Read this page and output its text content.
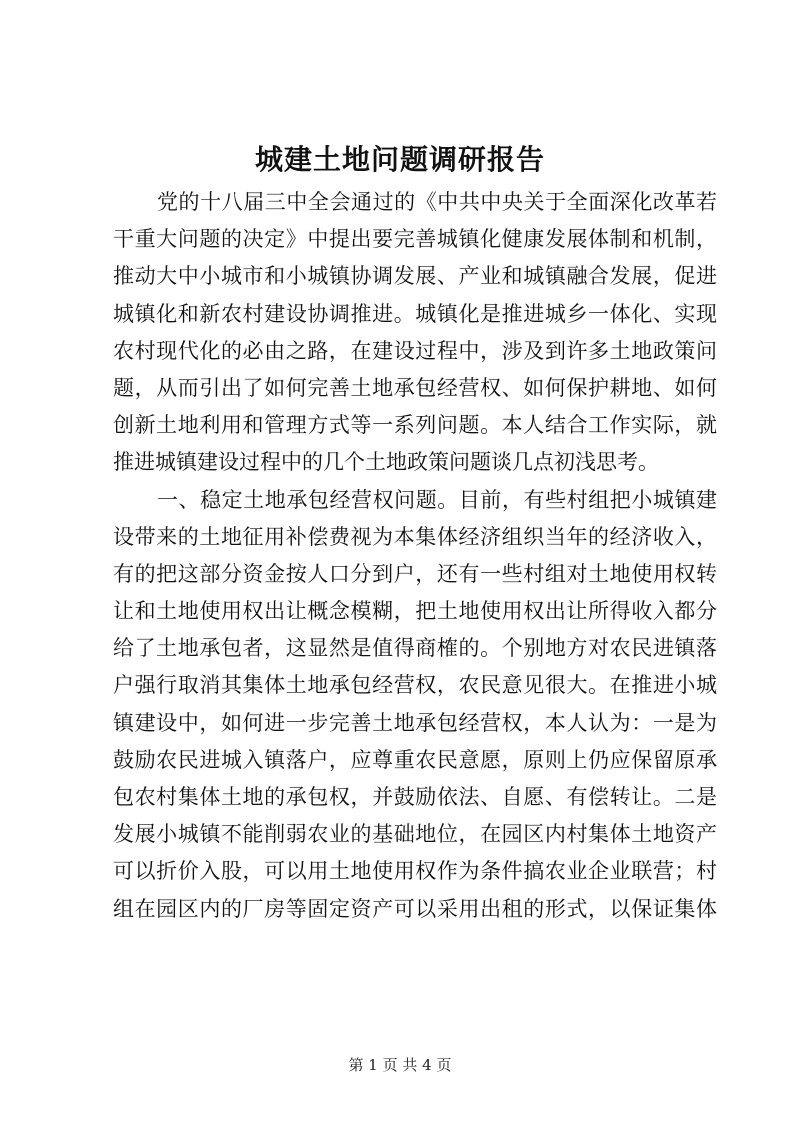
城建土地问题调研报告
党的十八届三中全会通过的《中共中央关于全面深化改革若
干重大问题的决定》中提出要完善城镇化健康发展体制和机制，
推动大中小城市和小城镇协调发展、产业和城镇融合发展，促进
城镇化和新农村建设协调推进。城镇化是推进城乡一体化、实现
农村现代化的必由之路，在建设过程中，涉及到许多土地政策问
题，从而引出了如何完善土地承包经营权、如何保护耕地、如何
创新土地利用和管理方式等一系列问题。本人结合工作实际，就
推进城镇建设过程中的几个土地政策问题谈几点初浅思考。
一、稳定土地承包经营权问题。目前，有些村组把小城镇建
设带来的土地征用补偿费视为本集体经济组织当年的经济收入，
有的把这部分资金按人口分到户，还有一些村组对土地使用权转
让和土地使用权出让概念模糊，把土地使用权出让所得收入都分
给了土地承包者，这显然是值得商榷的。个别地方对农民进镇落
户强行取消其集体土地承包经营权，农民意见很大。在推进小城
镇建设中，如何进一步完善土地承包经营权，本人认为：一是为
鼓励农民进城入镇落户，应尊重农民意愿，原则上仍应保留原承
包农村集体土地的承包权，并鼓励依法、自愿、有偿转让。二是
发展小城镇不能削弱农业的基础地位，在园区内村集体土地资产
可以折价入股，可以用土地使用权作为条件搞农业企业联营；村
组在园区内的厂房等固定资产可以采用出租的形式，以保证集体
第 1 页 共 4 页
